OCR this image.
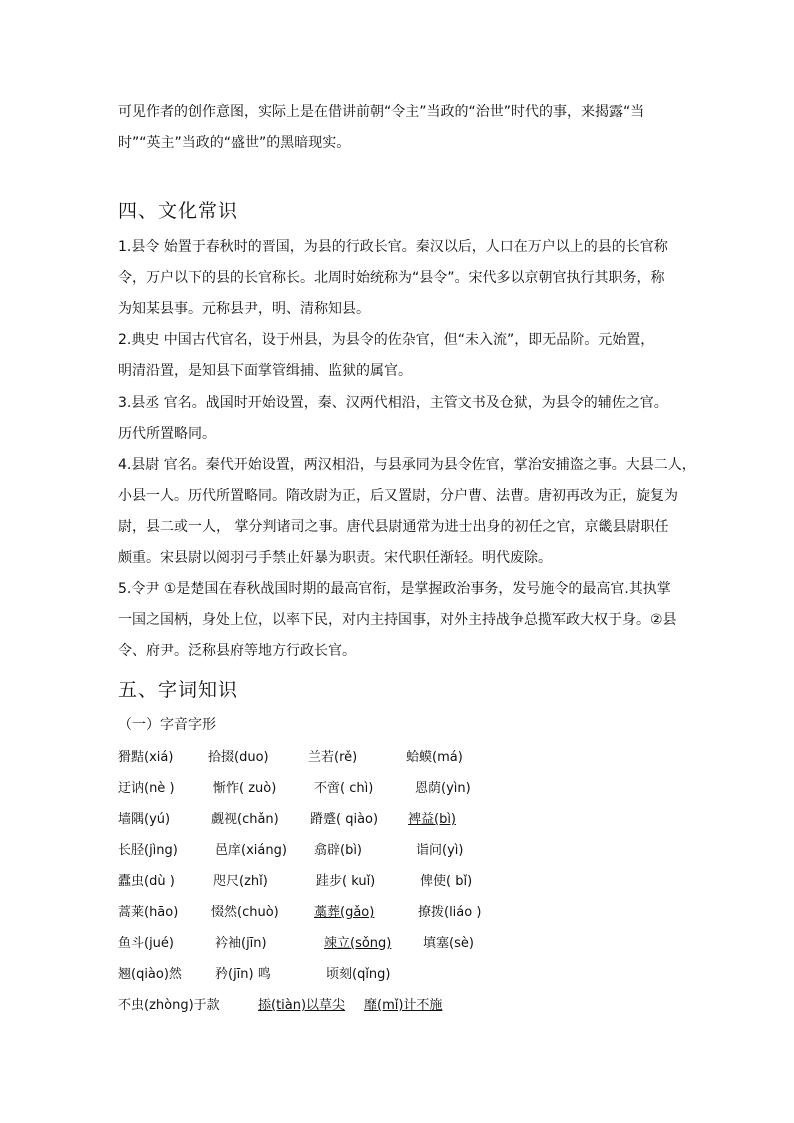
可见作者的创作意图，实际上是在借讲前朝“令主”当政的“治世”时代的事，来揭露“当
时”“英主”当政的“盛世”的黑暗现实。
四、文化常识
1.县令 始置于春秋时的晋国，为县的行政长官。秦汉以后，人口在万户以上的县的长官称
令，万户以下的县的长官称长。北周时始统称为“县令”。宋代多以京朝官执行其职务，称
为知某县事。元称县尹，明、清称知县。
2.典史 中国古代官名，设于州县，为县令的佐杂官，但“未入流”，即无品阶。元始置，
明清沿置，是知县下面掌管缉捕、监狱的属官。
3.县丞 官名。战国时开始设置，秦、汉两代相沿，主管文书及仓狱，为县令的辅佐之官。
历代所置略同。
4.县尉 官名。秦代开始设置，两汉相沿，与县承同为县令佐官，掌治安捕盗之事。大县二人，
小县一人。历代所置略同。隋改尉为正，后又置尉，分户曹、法曹。唐初再改为正，旋复为
尉，县二或一人， 掌分判诸司之事。唐代县尉通常为进士出身的初任之官，京畿县尉职任
颇重。宋县尉以阅羽弓手禁止奸暴为职责。宋代职任渐轻。明代废除。
5.令尹 ①是楚国在春秋战国时期的最高官衔，是掌握政治事务，发号施令的最高官.其执掌
一国之国柄，身处上位，以率下民，对内主持国事，对外主持战争总揽军政大权于身。②县
令、府尹。泛称县府等地方行政长官。
五、字词知识
（一）字音字形
猾黠(xiá)	拾掇(duo)	兰若(rě)	蛤蟆(má)
迂讷(nè )	惭怍( zuò)	不啻( chì)	恩荫(yìn)
墙隅(yú)	觑视(chǎn) 蹐蹙( qiào) 裨益(bì)
长胫(jìng)	邑庠(xiáng) 翕辟(bì)	诣问(yì)
蠹虫(dù )	咫尺(zhǐ)	跬步( kuǐ)	俾使( bǐ)
蒿莱(hāo)	惙然(chuò)	藁葬(gǎo)	撩拨(liáo )
鱼斗(jué)	衿袖(jīn)	竦立(sǒng) 填塞(sè)
翘(qiào)然	矜(jīn) 鸣	顷刻(qǐng)
不虫(zhòng)于款	掭(tiàn)以草尖 靡(mǐ)计不施
